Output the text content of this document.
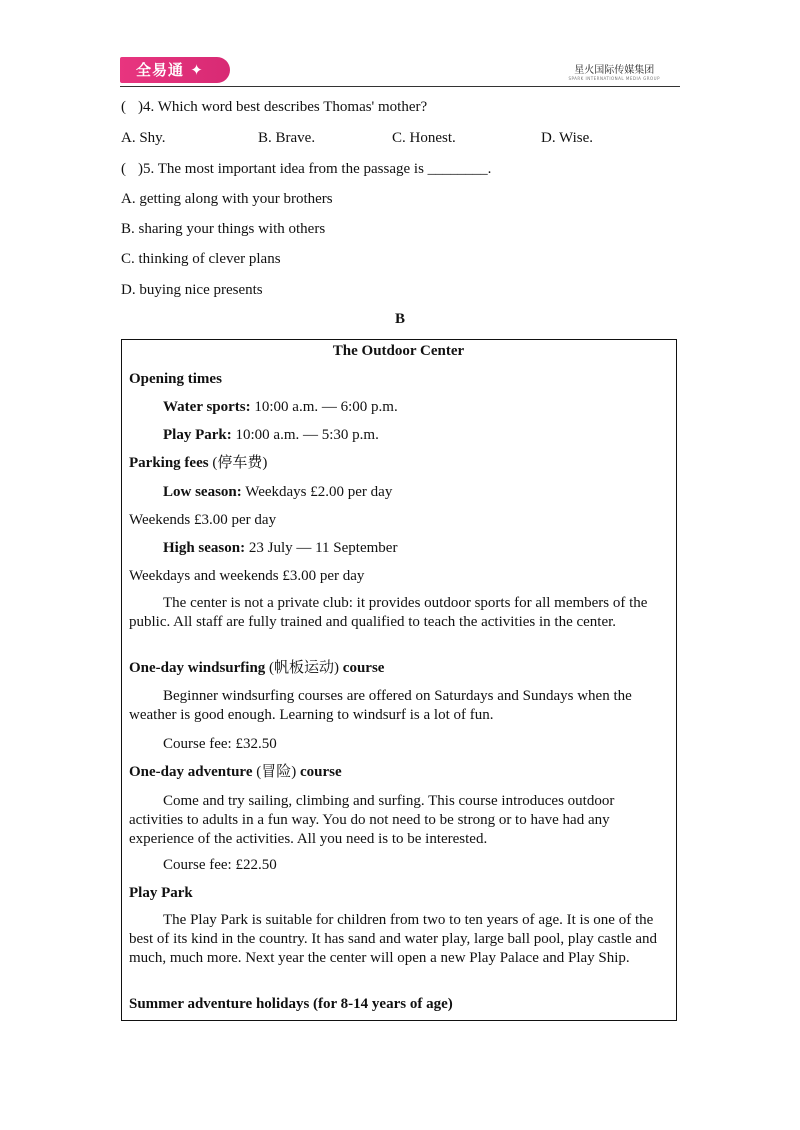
全易通 ✦	星火国际传媒集团
SPARK INTERNATIONAL MEDIA GROUP
( )4. Which word best describes Thomas' mother?
A. Shy.	B. Brave.	C. Honest.	D. Wise.
( )5. The most important idea from the passage is ________.
A. getting along with your brothers
B. sharing your things with others
C. thinking of clever plans
D. buying nice presents
B
The Outdoor Center
Opening times
Water sports: 10:00 a.m. — 6:00 p.m.
Play Park: 10:00 a.m. — 5:30 p.m.
Parking fees (停车费)
Low season: Weekdays £2.00 per day
Weekends £3.00 per day
High season: 23 July — 11 September
Weekdays and weekends £3.00 per day
The center is not a private club: it provides outdoor sports for all members of the public. All staff are fully trained and qualified to teach the activities in the center.
One-day windsurfing (帆板运动) course
Beginner windsurfing courses are offered on Saturdays and Sundays when the weather is good enough. Learning to windsurf is a lot of fun.
Course fee: £32.50
One-day adventure (冒险) course
Come and try sailing, climbing and surfing. This course introduces outdoor activities to adults in a fun way. You do not need to be strong or to have had any experience of the activities. All you need is to be interested.
Course fee: £22.50
Play Park
The Play Park is suitable for children from two to ten years of age. It is one of the best of its kind in the country. It has sand and water play, large ball pool, play castle and much, much more. Next year the center will open a new Play Palace and Play Ship.
Summer adventure holidays (for 8-14 years of age)
